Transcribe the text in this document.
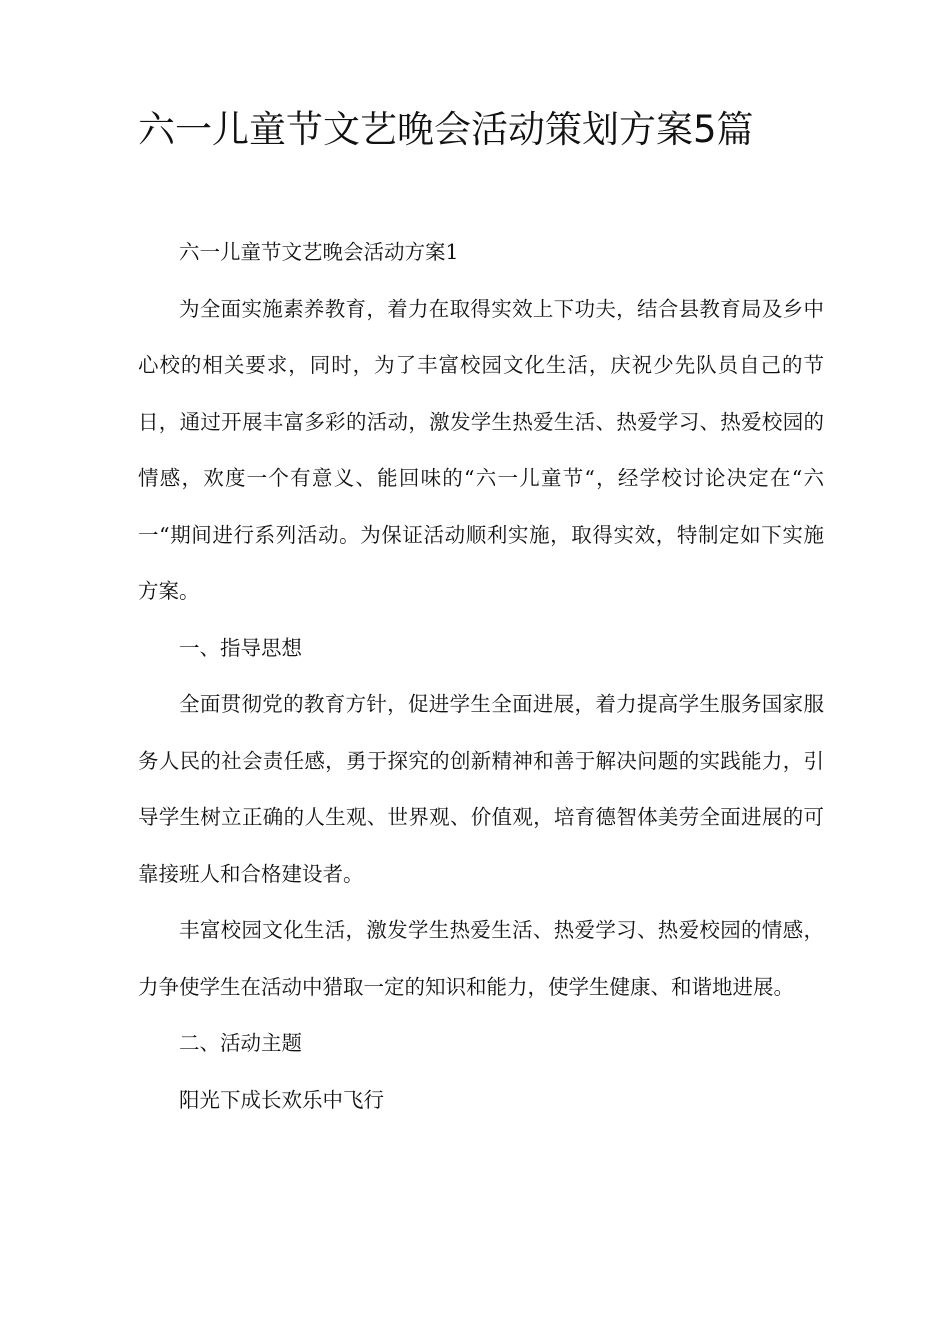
六一儿童节文艺晚会活动策划方案5篇

六一儿童节文艺晚会活动方案1

为全面实施素养教育，着力在取得实效上下功夫，结合县教育局及乡中心校的相关要求，同时，为了丰富校园文化生活，庆祝少先队员自己的节日，通过开展丰富多彩的活动，激发学生热爱生活、热爱学习、热爱校园的情感，欢度一个有意义、能回味的“六一儿童节“，经学校讨论决定在“六一“期间进行系列活动。为保证活动顺利实施，取得实效，特制定如下实施方案。

一、指导思想

全面贯彻党的教育方针，促进学生全面进展，着力提高学生服务国家服务人民的社会责任感，勇于探究的创新精神和善于解决问题的实践能力，引导学生树立正确的人生观、世界观、价值观，培育德智体美劳全面进展的可靠接班人和合格建设者。

丰富校园文化生活，激发学生热爱生活、热爱学习、热爱校园的情感，力争使学生在活动中猎取一定的知识和能力，使学生健康、和谐地进展。

二、活动主题

阳光下成长欢乐中飞行
